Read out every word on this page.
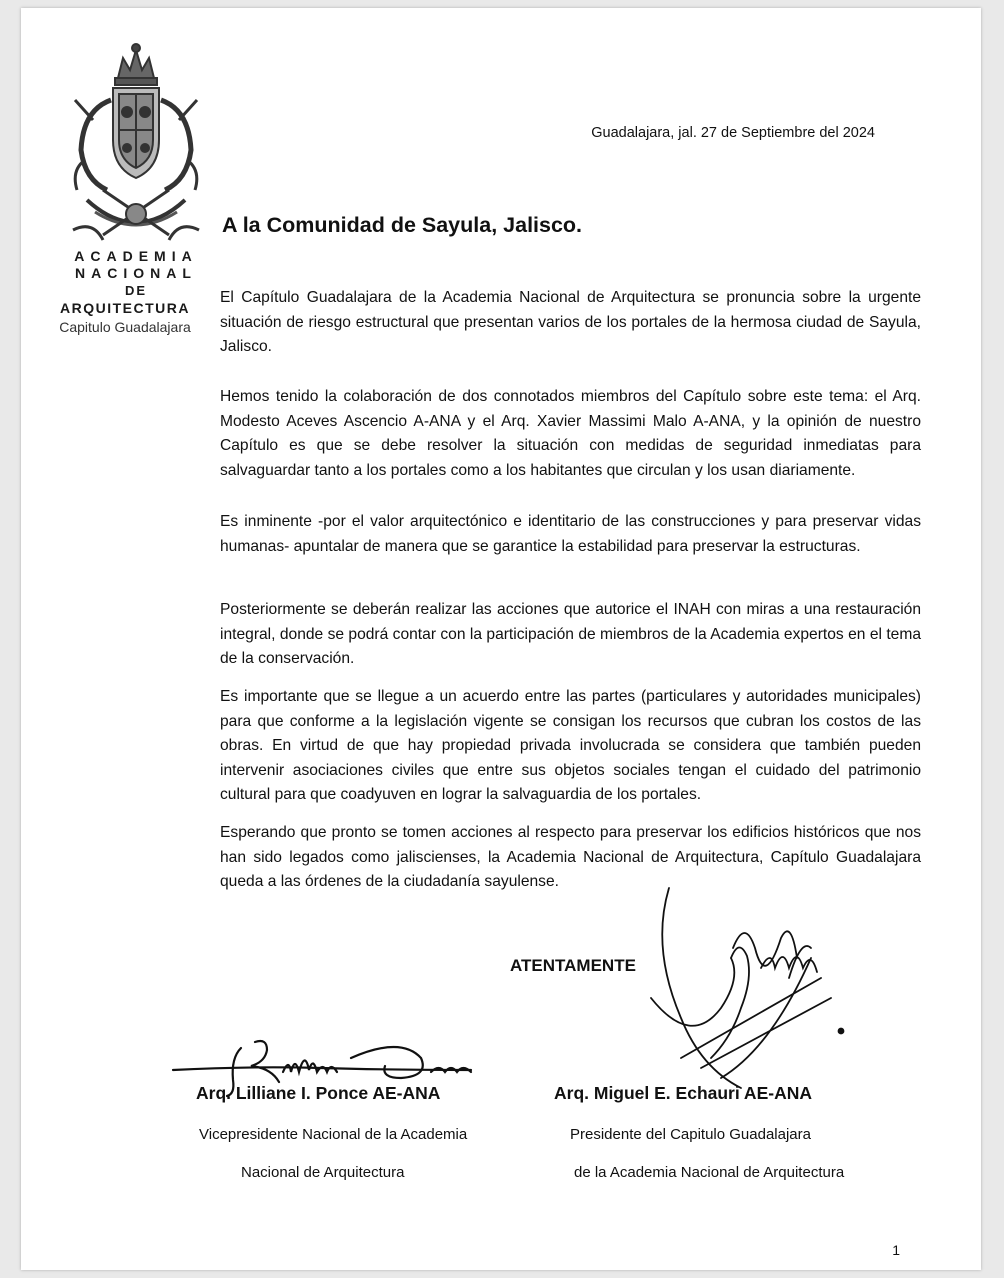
ACADEMIA
NACIONAL
DE
ARQUITECTURA
Capitulo Guadalajara
Guadalajara, jal. 27 de Septiembre del 2024
A la Comunidad de Sayula, Jalisco.

El Capítulo Guadalajara de la Academia Nacional de Arquitectura se pronuncia sobre la urgente situación de riesgo estructural que presentan varios de los portales de la hermosa ciudad de Sayula, Jalisco.

Hemos tenido la colaboración de dos connotados miembros del Capítulo sobre este tema: el Arq. Modesto Aceves Ascencio A-ANA y el Arq. Xavier Massimi Malo A-ANA, y la opinión de nuestro Capítulo es que se debe resolver la situación con medidas de seguridad inmediatas para salvaguardar tanto a los portales como a los habitantes que circulan y los usan diariamente.

Es inminente -por el valor arquitectónico e identitario de las construcciones y para preservar vidas humanas- apuntalar de manera que se garantice la estabilidad para preservar la estructuras.

Posteriormente se deberán realizar las acciones que autorice el INAH con miras a una restauración integral, donde se podrá contar con la participación de miembros de la Academia expertos en el tema de la conservación.

Es importante que se llegue a un acuerdo entre las partes (particulares y autoridades municipales) para que conforme a la legislación vigente se consigan los recursos que cubran los costos de las obras. En virtud de que hay propiedad privada involucrada se considera que también pueden intervenir asociaciones civiles que entre sus objetos sociales tengan el cuidado del patrimonio cultural para que coadyuven en lograr la salvaguardia de los portales.

Esperando que pronto se tomen acciones al respecto para preservar los edificios históricos que nos han sido legados como jaliscienses, la Academia Nacional de Arquitectura, Capítulo Guadalajara queda a las órdenes de la ciudadanía sayulense.

ATENTAMENTE
Arq. Lilliane I. Ponce AE-ANA
Vicepresidente Nacional de la Academia
Nacional de Arquitectura
Arq. Miguel E. Echauri AE-ANA
Presidente del Capitulo Guadalajara
de la Academia Nacional de Arquitectura
1
